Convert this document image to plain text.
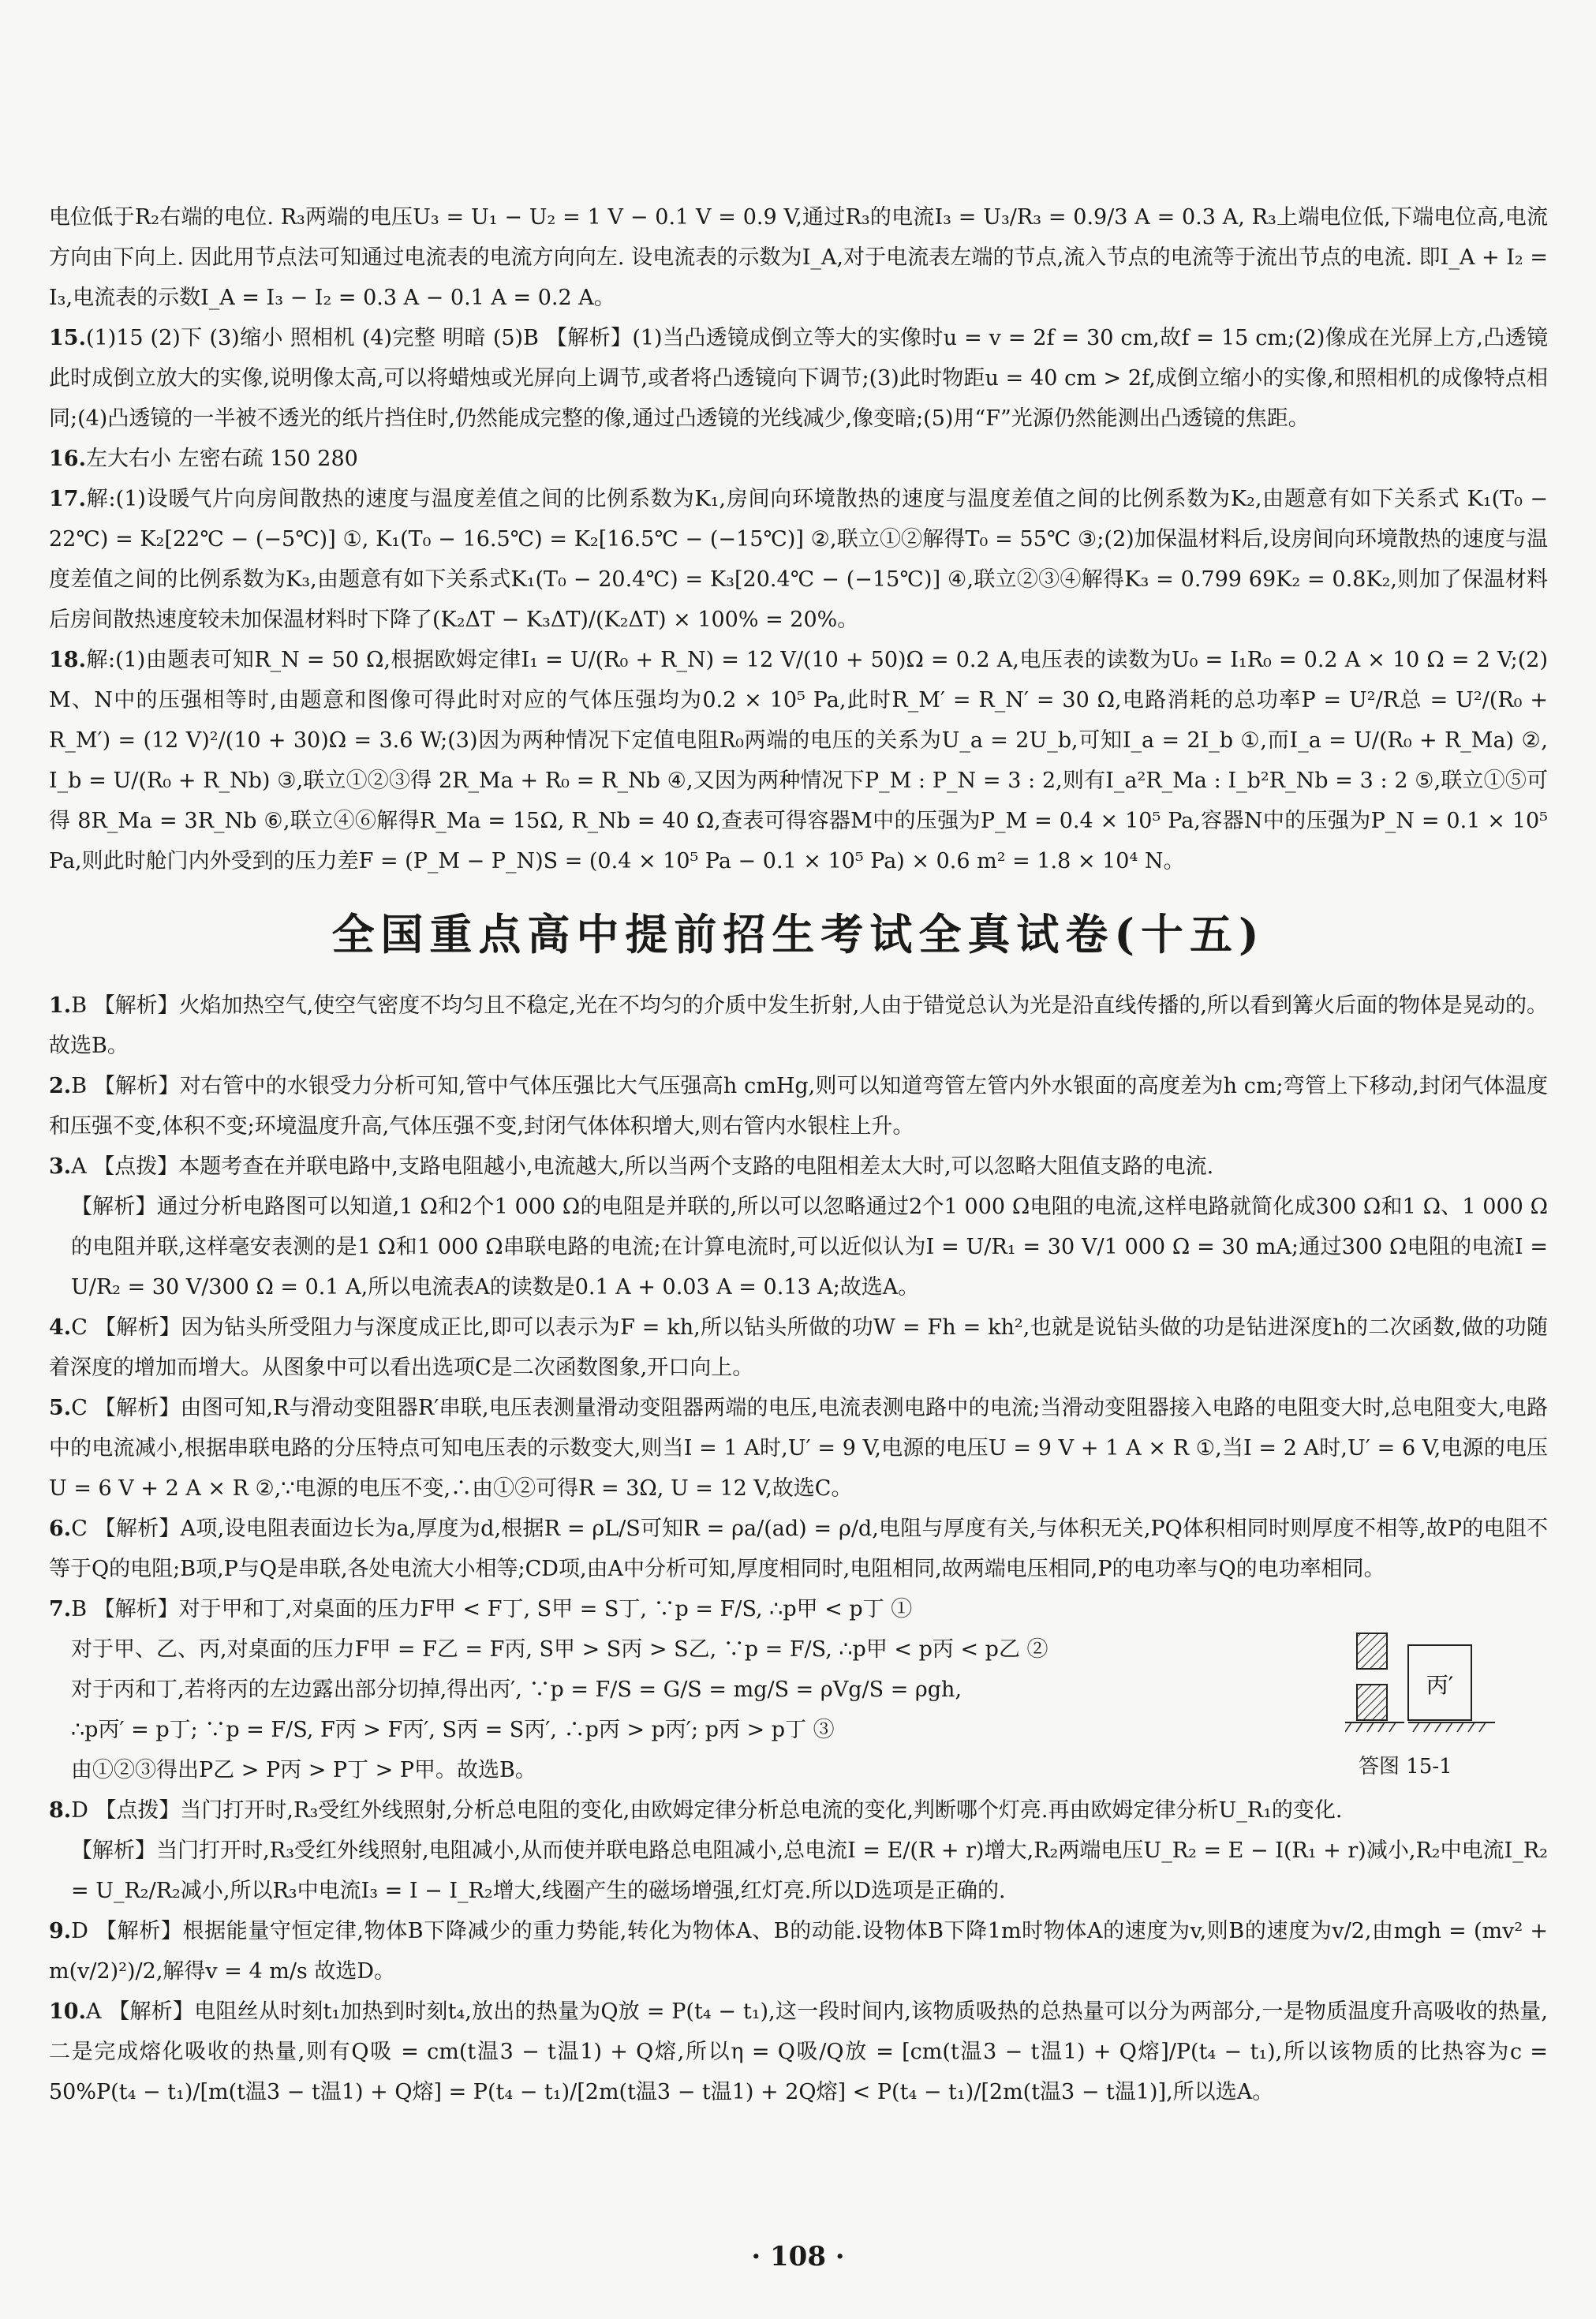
电位低于R₂右端的电位. R₃两端的电压U₃ = U₁ − U₂ = 1 V − 0.1 V = 0.9 V,通过R₃的电流I₃ = U₃/R₃ = 0.9/3 A = 0.3 A, R₃上端电位低,下端电位高,电流方向由下向上. 因此用节点法可知通过电流表的电流方向向左. 设电流表的示数为I_A,对于电流表左端的节点,流入节点的电流等于流出节点的电流. 即I_A + I₂ = I₃,电流表的示数I_A = I₃ − I₂ = 0.3 A − 0.1 A = 0.2 A。

15.(1)15 (2)下 (3)缩小 照相机 (4)完整 明暗 (5)B 【解析】(1)当凸透镜成倒立等大的实像时u = v = 2f = 30 cm,故f = 15 cm;(2)像成在光屏上方,凸透镜此时成倒立放大的实像,说明像太高,可以将蜡烛或光屏向上调节,或者将凸透镜向下调节;(3)此时物距u = 40 cm > 2f,成倒立缩小的实像,和照相机的成像特点相同;(4)凸透镜的一半被不透光的纸片挡住时,仍然能成完整的像,通过凸透镜的光线减少,像变暗;(5)用“F”光源仍然能测出凸透镜的焦距。

16.左大右小 左密右疏 150 280

17.解:(1)设暖气片向房间散热的速度与温度差值之间的比例系数为K₁,房间向环境散热的速度与温度差值之间的比例系数为K₂,由题意有如下关系式 K₁(T₀ − 22℃) = K₂[22℃ − (−5℃)] ①, K₁(T₀ − 16.5℃) = K₂[16.5℃ − (−15℃)] ②,联立①②解得T₀ = 55℃ ③;(2)加保温材料后,设房间向环境散热的速度与温度差值之间的比例系数为K₃,由题意有如下关系式K₁(T₀ − 20.4℃) = K₃[20.4℃ − (−15℃)] ④,联立②③④解得K₃ = 0.799 69K₂ = 0.8K₂,则加了保温材料后房间散热速度较未加保温材料时下降了(K₂ΔT − K₃ΔT)/(K₂ΔT) × 100% = 20%。

18.解:(1)由题表可知R_N = 50 Ω,根据欧姆定律I₁ = U/(R₀ + R_N) = 12 V/(10 + 50)Ω = 0.2 A,电压表的读数为U₀ = I₁R₀ = 0.2 A × 10 Ω = 2 V;(2) M、N中的压强相等时,由题意和图像可得此时对应的气体压强均为0.2 × 10⁵ Pa,此时R_M′ = R_N′ = 30 Ω,电路消耗的总功率P = U²/R总 = U²/(R₀ + R_M′) = (12 V)²/(10 + 30)Ω = 3.6 W;(3)因为两种情况下定值电阻R₀两端的电压的关系为U_a = 2U_b,可知I_a = 2I_b ①,而I_a = U/(R₀ + R_Ma) ②, I_b = U/(R₀ + R_Nb) ③,联立①②③得 2R_Ma + R₀ = R_Nb ④,又因为两种情况下P_M : P_N = 3 : 2,则有I_a²R_Ma : I_b²R_Nb = 3 : 2 ⑤,联立①⑤可得 8R_Ma = 3R_Nb ⑥,联立④⑥解得R_Ma = 15Ω, R_Nb = 40 Ω,查表可得容器M中的压强为P_M = 0.4 × 10⁵ Pa,容器N中的压强为P_N = 0.1 × 10⁵ Pa,则此时舱门内外受到的压力差F = (P_M − P_N)S = (0.4 × 10⁵ Pa − 0.1 × 10⁵ Pa) × 0.6 m² = 1.8 × 10⁴ N。

全国重点高中提前招生考试全真试卷(十五)

1.B 【解析】火焰加热空气,使空气密度不均匀且不稳定,光在不均匀的介质中发生折射,人由于错觉总认为光是沿直线传播的,所以看到篝火后面的物体是晃动的。故选B。

2.B 【解析】对右管中的水银受力分析可知,管中气体压强比大气压强高h cmHg,则可以知道弯管左管内外水银面的高度差为h cm;弯管上下移动,封闭气体温度和压强不变,体积不变;环境温度升高,气体压强不变,封闭气体体积增大,则右管内水银柱上升。

3.A 【点拨】本题考查在并联电路中,支路电阻越小,电流越大,所以当两个支路的电阻相差太大时,可以忽略大阻值支路的电流.

【解析】通过分析电路图可以知道,1 Ω和2个1 000 Ω的电阻是并联的,所以可以忽略通过2个1 000 Ω电阻的电流,这样电路就简化成300 Ω和1 Ω、1 000 Ω的电阻并联,这样毫安表测的是1 Ω和1 000 Ω串联电路的电流;在计算电流时,可以近似认为I = U/R₁ = 30 V/1 000 Ω = 30 mA;通过300 Ω电阻的电流I = U/R₂ = 30 V/300 Ω = 0.1 A,所以电流表A的读数是0.1 A + 0.03 A = 0.13 A;故选A。

4.C 【解析】因为钻头所受阻力与深度成正比,即可以表示为F = kh,所以钻头所做的功W = Fh = kh²,也就是说钻头做的功是钻进深度h的二次函数,做的功随着深度的增加而增大。从图象中可以看出选项C是二次函数图象,开口向上。

5.C 【解析】由图可知,R与滑动变阻器R′串联,电压表测量滑动变阻器两端的电压,电流表测电路中的电流;当滑动变阻器接入电路的电阻变大时,总电阻变大,电路中的电流减小,根据串联电路的分压特点可知电压表的示数变大,则当I = 1 A时,U′ = 9 V,电源的电压U = 9 V + 1 A × R ①,当I = 2 A时,U′ = 6 V,电源的电压U = 6 V + 2 A × R ②,∵电源的电压不变,∴由①②可得R = 3Ω, U = 12 V,故选C。

6.C 【解析】A项,设电阻表面边长为a,厚度为d,根据R = ρL/S可知R = ρa/(ad) = ρ/d,电阻与厚度有关,与体积无关,PQ体积相同时则厚度不相等,故P的电阻不等于Q的电阻;B项,P与Q是串联,各处电流大小相等;CD项,由A中分析可知,厚度相同时,电阻相同,故两端电压相同,P的电功率与Q的电功率相同。

7.B 【解析】对于甲和丁,对桌面的压力F甲 < F丁, S甲 = S丁, ∵p = F/S, ∴p甲 < p丁 ①

对于甲、乙、丙,对桌面的压力F甲 = F乙 = F丙, S甲 > S丙 > S乙, ∵p = F/S, ∴p甲 < p丙 < p乙 ②

对于丙和丁,若将丙的左边露出部分切掉,得出丙′, ∵p = F/S = G/S = mg/S = ρVg/S = ρgh,

∴p丙′ = p丁; ∵p = F/S, F丙 > F丙′, S丙 = S丙′, ∴p丙 > p丙′; p丙 > p丁 ③

由①②③得出P乙 > P丙 > P丁 > P甲。故选B。

8.D 【点拨】当门打开时,R₃受红外线照射,分析总电阻的变化,由欧姆定律分析总电流的变化,判断哪个灯亮.再由欧姆定律分析U_R₁的变化.

【解析】当门打开时,R₃受红外线照射,电阻减小,从而使并联电路总电阻减小,总电流I = E/(R + r)增大,R₂两端电压U_R₂ = E − I(R₁ + r)减小,R₂中电流I_R₂ = U_R₂/R₂减小,所以R₃中电流I₃ = I − I_R₂增大,线圈产生的磁场增强,红灯亮.所以D选项是正确的.

9.D 【解析】根据能量守恒定律,物体B下降减少的重力势能,转化为物体A、B的动能.设物体B下降1m时物体A的速度为v,则B的速度为v/2,由mgh = (mv² + m(v/2)²)/2,解得v = 4 m/s 故选D。

10.A 【解析】电阻丝从时刻t₁加热到时刻t₄,放出的热量为Q放 = P(t₄ − t₁),这一段时间内,该物质吸热的总热量可以分为两部分,一是物质温度升高吸收的热量,二是完成熔化吸收的热量,则有Q吸 = cm(t温3 − t温1) + Q熔,所以η = Q吸/Q放 = [cm(t温3 − t温1) + Q熔]/P(t₄ − t₁),所以该物质的比热容为c = 50%P(t₄ − t₁)/[m(t温3 − t温1) + Q熔] = P(t₄ − t₁)/[2m(t温3 − t温1) + 2Q熔] < P(t₄ − t₁)/[2m(t温3 − t温1)],所以选A。

丙′
答图 15-1
· 108 ·
